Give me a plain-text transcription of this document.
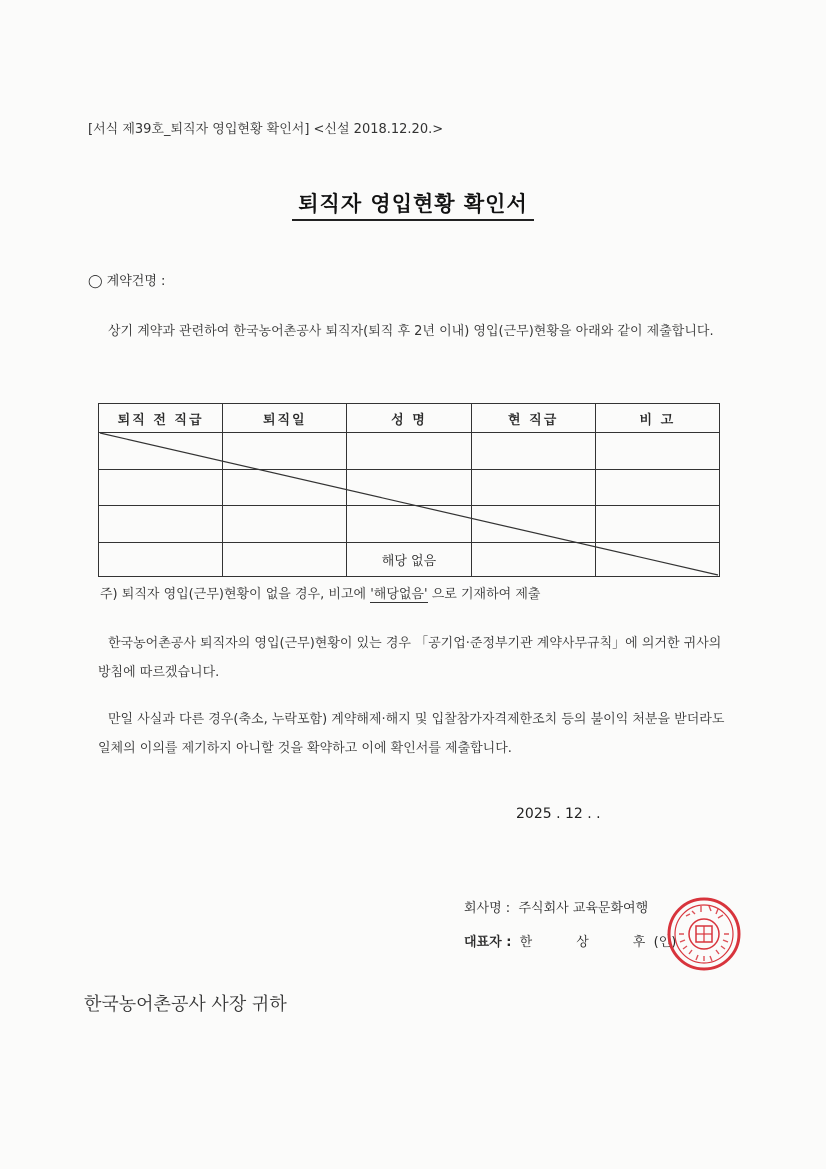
[서식 제39호_퇴직자 영입현황 확인서] <신설 2018.12.20.>
퇴직자 영입현황 확인서
◯ 계약건명 :
상기 계약과 관련하여 한국농어촌공사 퇴직자(퇴직 후 2년 이내) 영입(근무)현황을 아래와 같이 제출합니다.
퇴직 전 직급	퇴직일	성 명	현 직급	비 고

		해당 없음		
주) 퇴직자 영입(근무)현황이 없을 경우, 비고에 '해당없음' 으로 기재하여 제출
한국농어촌공사 퇴직자의 영입(근무)현황이 있는 경우 「공기업·준정부기관 계약사무규칙」에 의거한 귀사의 방침에 따르겠습니다.
만일 사실과 다른 경우(축소, 누락포함) 계약해제·해지 및 입찰참가자격제한조치 등의 불이익 처분을 받더라도 일체의 이의를 제기하지 아니할 것을 확약하고 이에 확인서를 제출합니다.
2025 . 12 . .
회사명 : 주식회사 교육문화여행
대표자 : 한	상	후 (인)
한국농어촌공사 사장 귀하
